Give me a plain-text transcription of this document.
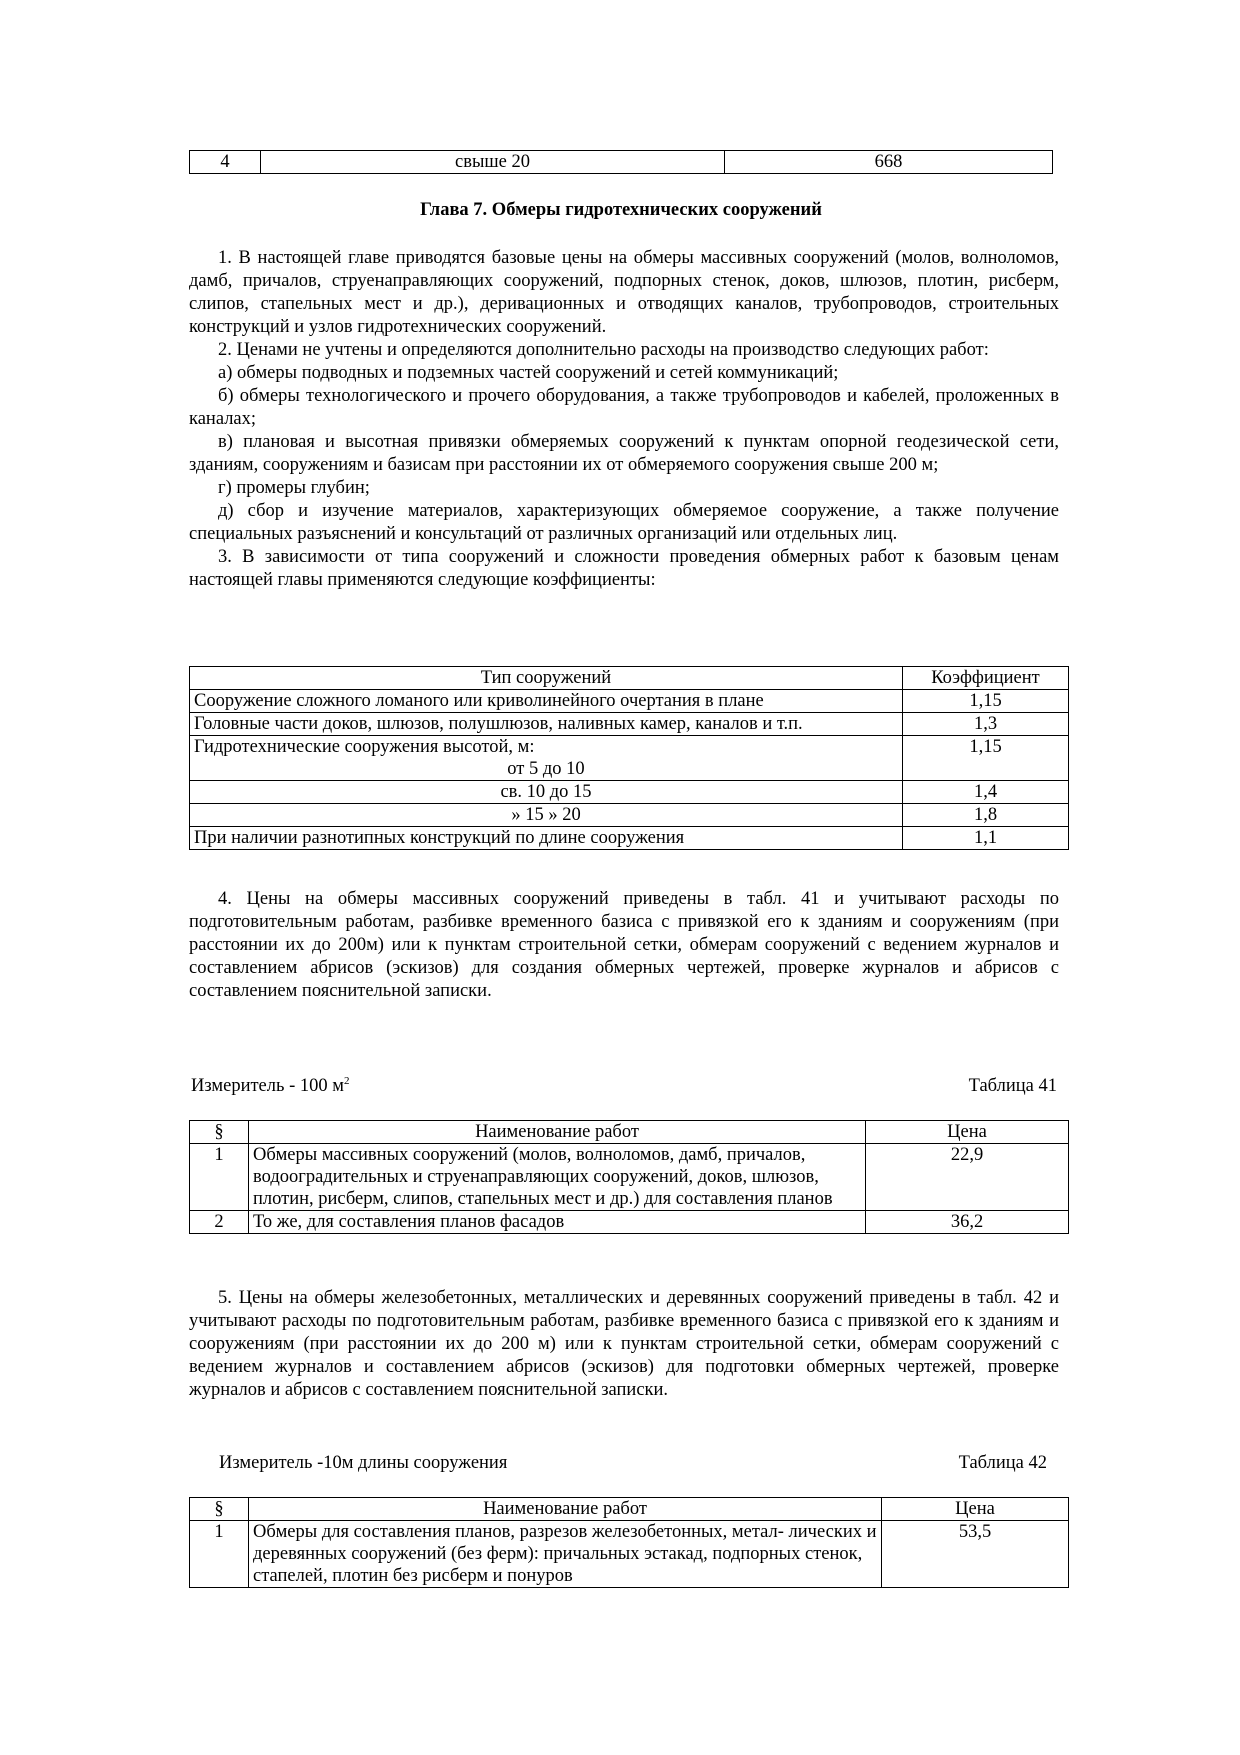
4	свыше 20	668
Глава 7. Обмеры гидротехнических сооружений

1. В настоящей главе приводятся базовые цены на обмеры массивных сооружений (молов, волноломов, дамб, причалов, струенаправляющих сооружений, подпорных стенок, доков, шлюзов, плотин, рисберм, слипов, стапельных мест и др.), деривационных и отводящих каналов, трубопроводов, строительных конструкций и узлов гидротехнических сооружений.

2. Ценами не учтены и определяются дополнительно расходы на производство следующих работ:

а) обмеры подводных и подземных частей сооружений и сетей коммуникаций;

б) обмеры технологического и прочего оборудования, а также трубопроводов и кабелей, проложенных в каналах;

в) плановая и высотная привязки обмеряемых сооружений к пунктам опорной геодезической сети, зданиям, сооружениям и базисам при расстоянии их от обмеряемого сооружения свыше 200 м;

г) промеры глубин;

д) сбор и изучение материалов, характеризующих обмеряемое сооружение, а также получение специальных разъяснений и консультаций от различных организаций или отдельных лиц.

3. В зависимости от типа сооружений и сложности проведения обмерных работ к базовым ценам настоящей главы применяются следующие коэффициенты:

Тип сооружений	Коэффициент
Сооружение сложного ломаного или криволинейного очертания в плане	1,15
Головные части доков, шлюзов, полушлюзов, наливных камер, каналов и т.п.	1,3

Гидротехнические сооружения высотой, м:
от 5 до 10	1,15
св. 10 до 15	1,4
» 15 » 20	1,8
При наличии разнотипных конструкций по длине сооружения	1,1

4. Цены на обмеры массивных сооружений приведены в табл. 41 и учитывают расходы по подготовительным работам, разбивке временного базиса с привязкой его к зданиям и сооружениям (при расстоянии их до 200м) или к пунктам строительной сетки, обмерам сооружений с ведением журналов и составлением абрисов (эскизов) для создания обмерных чертежей, проверке журналов и абрисов с составлением пояснительной записки.

Измеритель - 100 $м^2$	Таблица 41
§	Наименование работ	Цена
1	Обмеры массивных сооружений (молов, волноломов, дамб, причалов, водооградительных и струенаправляющих сооружений, доков, шлюзов, плотин, рисберм, слипов, стапельных мест и др.) для составления планов	22,9
2	То же, для составления планов фасадов	36,2

5. Цены на обмеры железобетонных, металлических и деревянных сооружений приведены в табл. 42 и учитывают расходы по подготовительным работам, разбивке временного базиса с привязкой его к зданиям и сооружениям (при расстоянии их до 200 м) или к пунктам строительной сетки, обмерам сооружений с ведением журналов и составлением абрисов (эскизов) для подготовки обмерных чертежей, проверке журналов и абрисов с составлением пояснительной записки.

Измеритель -10м длины сооружения	Таблица 42
§	Наименование работ	Цена
1	Обмеры для составления планов, разрезов железобетонных, метал- лических и деревянных сооружений (без ферм): причальных эстакад, подпорных стенок, стапелей, плотин без рисберм и понуров	53,5
